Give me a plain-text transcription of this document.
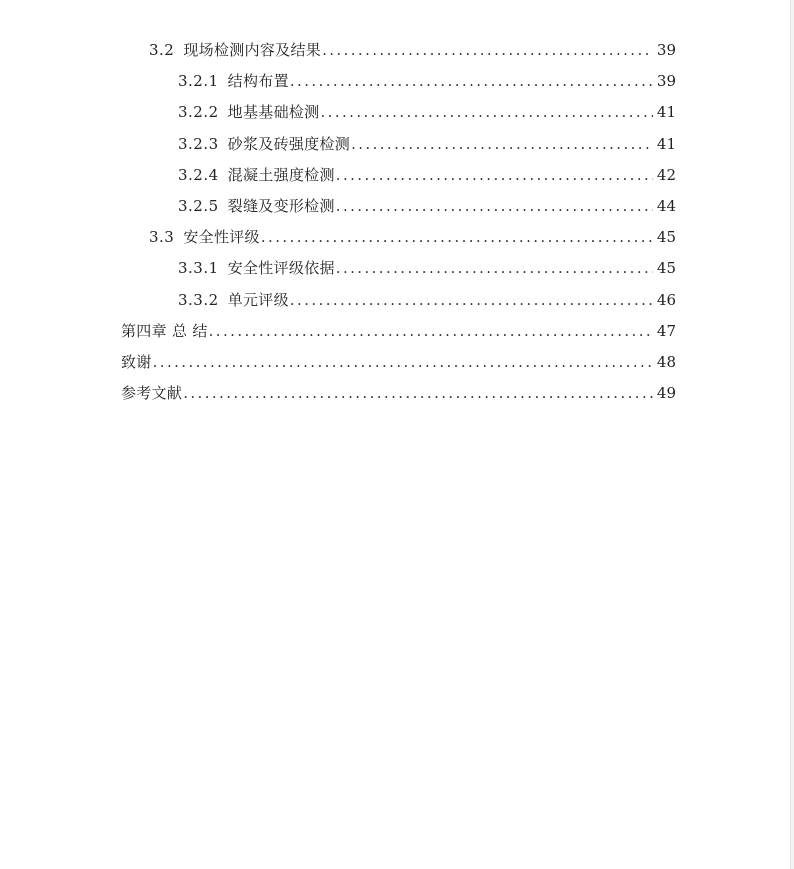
3.2 现场检测内容及结果 .....	39
3.2.1 结构布置 .....	39
3.2.2 地基基础检测 .....	41
3.2.3 砂浆及砖强度检测 .....	41
3.2.4 混凝土强度检测 .....	42
3.2.5 裂缝及变形检测 .....	44
3.3 安全性评级 .....	45
3.3.1 安全性评级依据 .....	45
3.3.2 单元评级 .....	46
第四章 总 结 .....	47
致谢 .....	48
参考文献 .....	49
